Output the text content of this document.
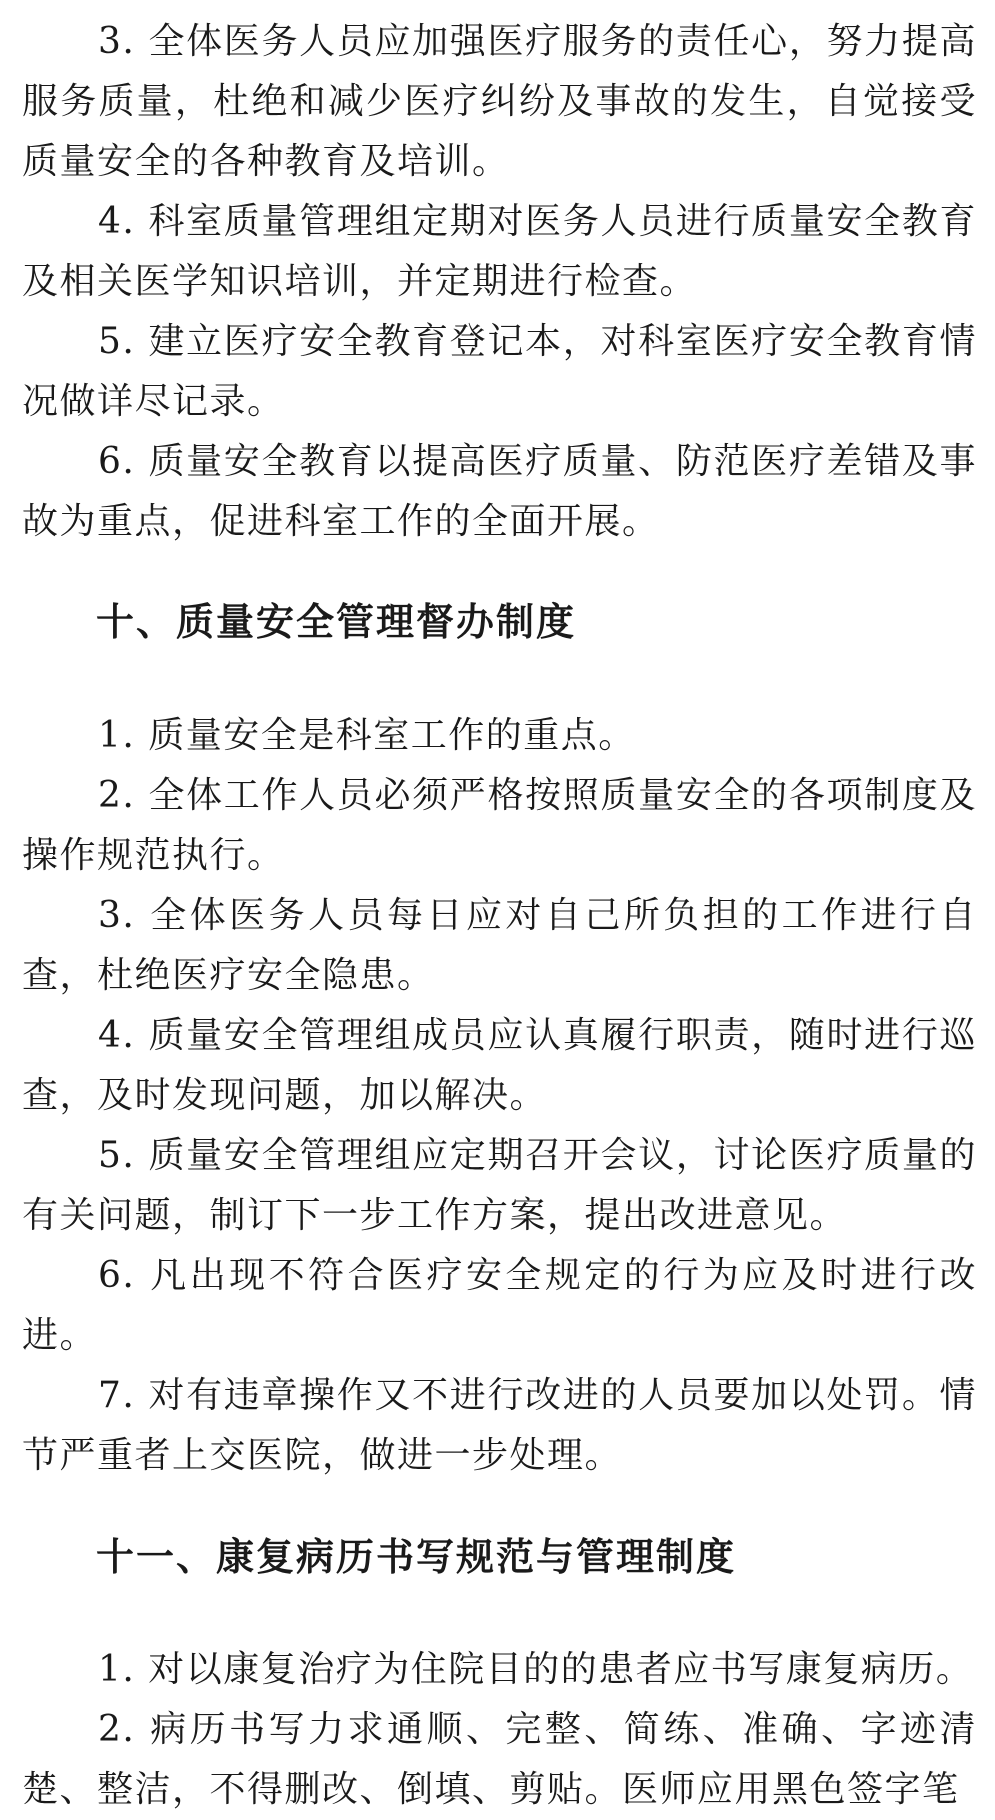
3. 全体医务人员应加强医疗服务的责任心，努力提高服务质量，杜绝和减少医疗纠纷及事故的发生，自觉接受质量安全的各种教育及培训。

4. 科室质量管理组定期对医务人员进行质量安全教育及相关医学知识培训，并定期进行检查。

5. 建立医疗安全教育登记本，对科室医疗安全教育情况做详尽记录。

6. 质量安全教育以提高医疗质量、防范医疗差错及事故为重点，促进科室工作的全面开展。

十、质量安全管理督办制度

1. 质量安全是科室工作的重点。

2. 全体工作人员必须严格按照质量安全的各项制度及操作规范执行。

3. 全体医务人员每日应对自己所负担的工作进行自查，杜绝医疗安全隐患。

4. 质量安全管理组成员应认真履行职责，随时进行巡查，及时发现问题，加以解决。

5. 质量安全管理组应定期召开会议，讨论医疗质量的有关问题，制订下一步工作方案，提出改进意见。

6. 凡出现不符合医疗安全规定的行为应及时进行改进。

7. 对有违章操作又不进行改进的人员要加以处罚。情节严重者上交医院，做进一步处理。

十一、康复病历书写规范与管理制度

1. 对以康复治疗为住院目的的患者应书写康复病历。

2. 病历书写力求通顺、完整、简练、准确、字迹清楚、整洁，不得删改、倒填、剪贴。医师应用黑色签字笔
